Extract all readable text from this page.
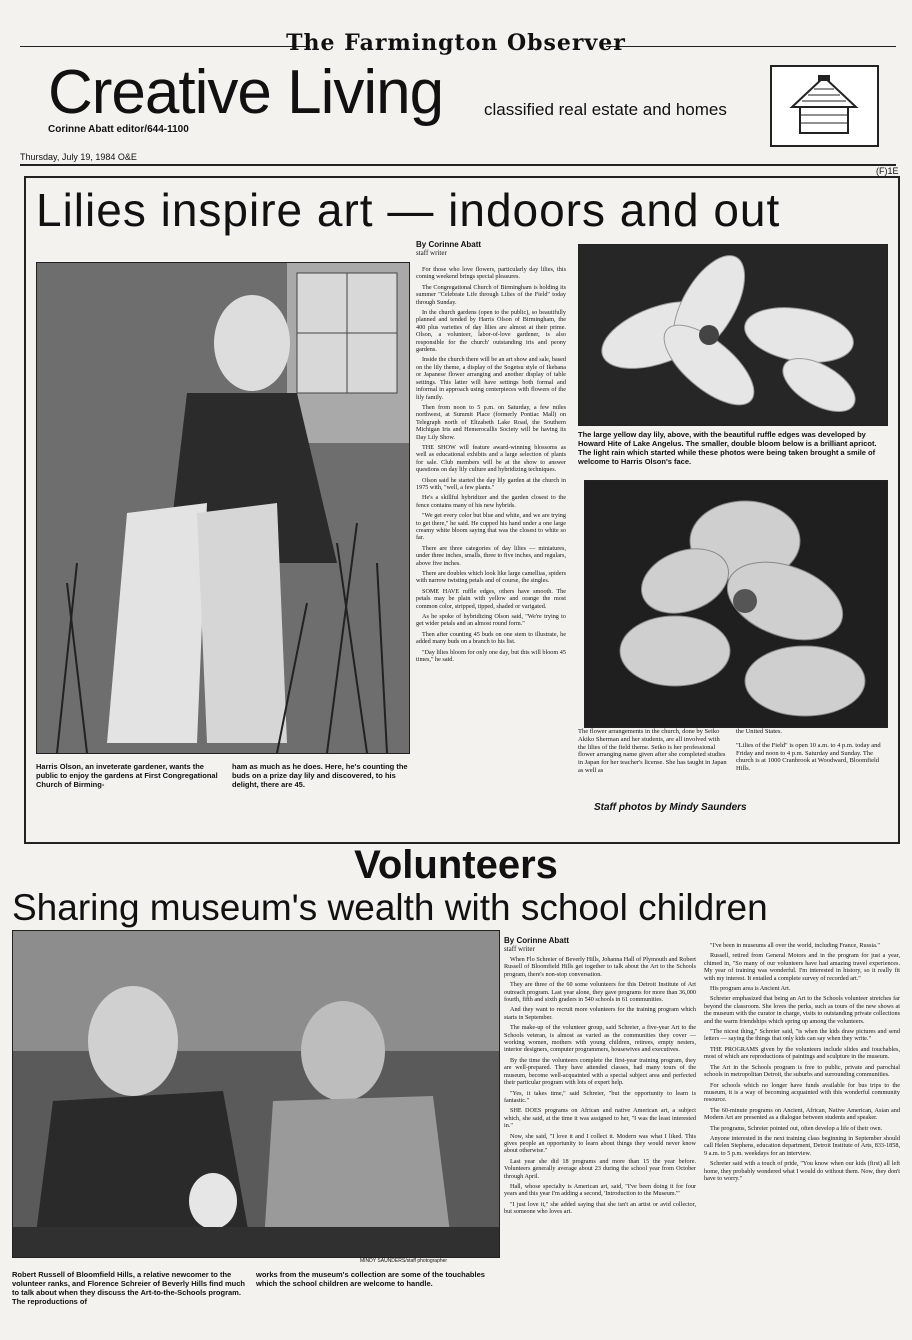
The Farmington Observer
Creative Living classified real estate and homes
Corinne Abatt editor/644-1100
Thursday, July 19, 1984 O&E
(F)1E
Lilies inspire art — indoors and out
Harris Olson, an inveterate gardener, wants the public to enjoy the gardens at First Congregational Church of Birming-
ham as much as he does. Here, he's counting the buds on a prize day lily and discovered, to his delight, there are 45.
By Corinne Abatt
staff writer

For those who love flowers, particularly day lilies, this coming weekend brings special pleasures.

The Congregational Church of Birmingham is holding its summer "Celebrate Life through Lilies of the Field" today through Sunday.

In the church gardens (open to the public), so beautifully planned and tended by Harris Olson of Birmingham, the 400 plus varieties of day lilies are almost at their prime. Olson, a volunteer, labor-of-love gardener, is also responsible for the church' outstanding iris and peony gardens.

Inside the church there will be an art show and sale, based on the lily theme, a display of the Sogetsu style of Ikebana or Japanese flower arranging and another display of table settings. This latter will have settings both formal and informal in approach using centerpieces with flowers of the lily family.

Then from noon to 5 p.m. on Saturday, a few miles northwest, at Summit Place (formerly Pontiac Mall) on Telegraph north of Elizabeth Lake Road, the Southern Michigan Iris and Hemerocallis Society will be having its Day Lily Show.

THE SHOW will feature award-winning blossoms as well as educational exhibits and a large selection of plants for sale. Club members will be at the show to answer questions on day lily culture and hybridizing techniques.

Olson said he started the day lily garden at the church in 1975 with, "well, a few plants."

He's a skillful hybridizer and the garden closest to the fence contains many of his new hybrids.

"We get every color but blue and white, and we are trying to get there," he said. He cupped his hand under a one large creamy white bloom saying that was the closest to white so far.

There are three categories of day lilies — miniatures, under three inches, smalls, three to five inches, and regulars, above five inches.

There are doubles which look like large camellias, spiders with narrow twisting petals and of course, the singles.

SOME HAVE ruffle edges, others have smooth. The petals may be plain with yellow and orange the most common color, stripped, tipped, shaded or varigated.

As he spoke of hybridizing Olson said, "We're trying to get wider petals and an almost round form."

Then after counting 45 buds on one stem to illustrate, he added many buds on a branch to his list.

"Day lilies bloom for only one day, but this will bloom 45 times," he said.

The large yellow day lily, above, with the beautiful ruffle edges was developed by Howard Hite of Lake Angelus. The smaller, double bloom below is a brilliant apricot. The light rain which started while these photos were being taken brought a smile of welcome to Harris Olson's face.
The flower arrangements in the church, done by Seiko Akiko Sherman and her students, are all involved with the lilies of the field theme. Seiko is her professional flower arranging name given after she completed studies in Japan for her teacher's license. She has taught in Japan as well as
the United States.
"Lilies of the Field" is open 10 a.m. to 4 p.m. today and Friday and noon to 4 p.m. Saturday and Sunday. The church is at 1000 Cranbrook at Woodward, Bloomfield Hills.
Staff photos by Mindy Saunders
Volunteers
Sharing museum's wealth with school children
MINDY SAUNDERS/staff photographer
Robert Russell of Bloomfield Hills, a relative newcomer to the volunteer ranks, and Florence Schreier of Beverly Hills find much to talk about when they discuss the Art-to-the-Schools program. The reproductions of
works from the museum's collection are some of the touchables which the school children are welcome to handle.
By Corinne Abatt
staff writer

When Flo Schreier of Beverly Hills, Johanna Hall of Plymouth and Robert Russell of Bloomfield Hills get together to talk about the Art to the Schools program, there's non-stop conversation.

They are three of the 60 some volunteers for this Detroit Institute of Art outreach program. Last year alone, they gave programs for more than 36,000 fourth, fifth and sixth graders in 540 schools in 61 communities.

And they want to recruit more volunteers for the training program which starts in September.

The make-up of the volunteer group, said Schreier, a five-year Art to the Schools veteran, is almost as varied as the communities they cover — working women, mothers with young children, retirees, empty nesters, interior designers, computer programmers, housewives and executives.

By the time the volunteers complete the first-year training program, they are well-prepared. They have attended classes, had many tours of the museum, become well-acquainted with a special subject area and perfected their particular program with lots of expert help.

"Yes, it takes time," said Schreier, "but the opportunity to learn is fantastic."

SHE DOES programs on African and native American art, a subject which, she said, at the time it was assigned to her, "I was the least interested in."

Now, she said, "I love it and I collect it. Modern was what I liked. This gives people an opportunity to learn about things they would never know about otherwise."

Last year she did 18 programs and more than 15 the year before. Volunteers generally average about 23 during the school year from October through April.

Hall, whose specialty is American art, said, "I've been doing it for four years and this year I'm adding a second, 'Introduction to the Museum.'"

"I just love it," she added saying that she isn't an artist or avid collector, but someone who loves art.

"I've been in museums all over the world, including France, Russia."

Russell, retired from General Motors and in the program for just a year, chimed in, "So many of our volunteers have had amazing travel experiences. My year of training was wonderful. I'm interested in history, so it really fit with my interest. It entailed a complete survey of recorded art."

His program area is Ancient Art.

Schreier emphasized that being an Art to the Schools volunteer stretches far beyond the classroom. She loves the perks, such as tours of the new shows at the museum with the curator in charge, visits to outstanding private collections and the warm friendships which spring up among the volunteers.

"The nicest thing," Schreier said, "is when the kids draw pictures and send letters — saying the things that only kids can say when they write."

THE PROGRAMS given by the volunteers include slides and touchables, most of which are reproductions of paintings and sculpture in the museum.

The Art in the Schools program is free to public, private and parochial schools in metropolitan Detroit, the suburbs and surrounding communities.

For schools which no longer have funds available for bus trips to the museum, it is a way of becoming acquainted with this wonderful community resource.

The 60-minute programs on Ancient, African, Native American, Asian and Modern Art are presented as a dialogue between students and speaker.

The programs, Schreier pointed out, often develop a life of their own.

Anyone interested in the next training class beginning in September should call Helen Stephens, education department, Detroit Institute of Arts, 833-1858, 9 a.m. to 5 p.m. weekdays for an interview.

Schreier said with a touch of pride, "You know when our kids (first) all left home, they probably wondered what I would do without them. Now, they don't have to worry."
